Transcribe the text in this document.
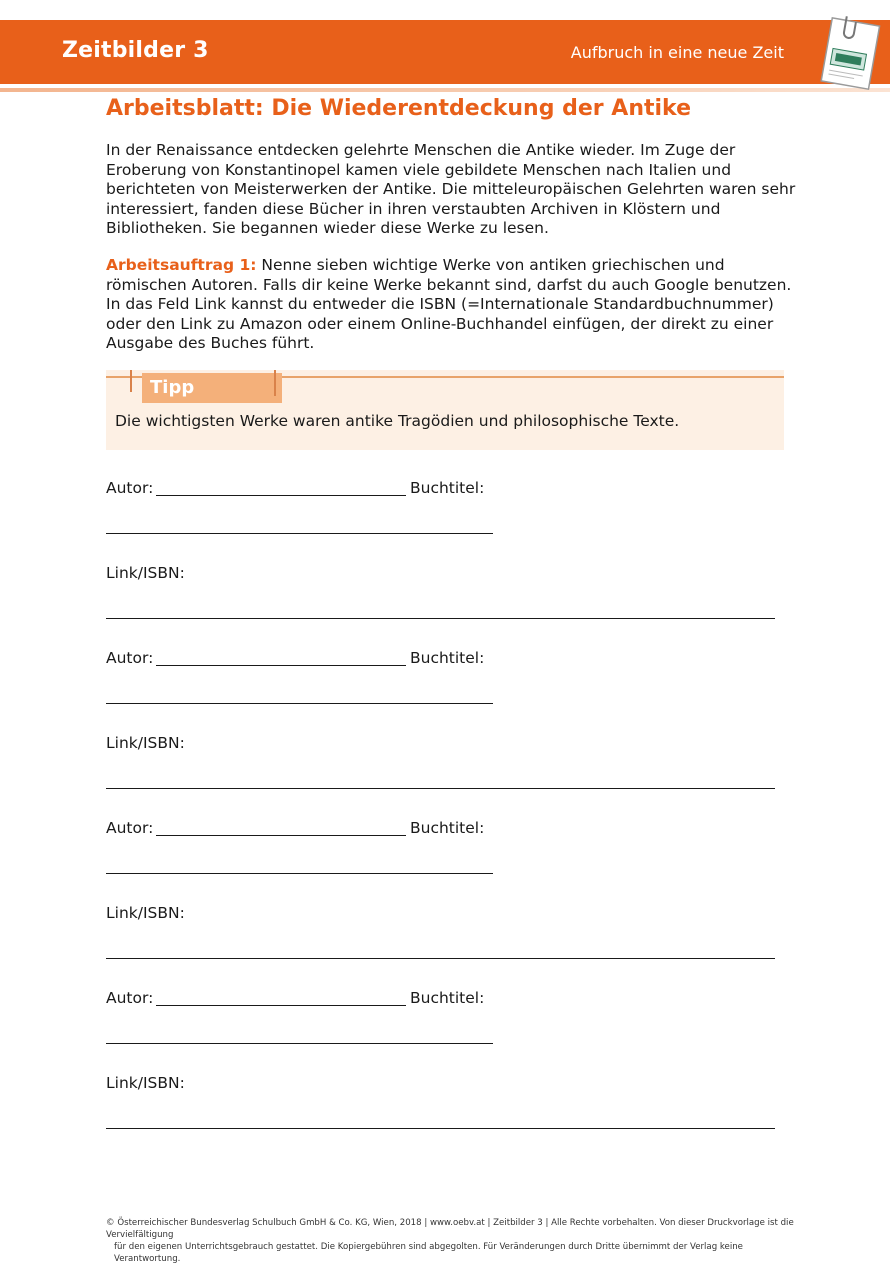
Zeitbilder 3	Aufbruch in eine neue Zeit
Arbeitsblatt: Die Wiederentdeckung der Antike

In der Renaissance entdecken gelehrte Menschen die Antike wieder. Im Zuge der Eroberung von Konstantinopel kamen viele gebildete Menschen nach Italien und berichteten von Meisterwerken der Antike. Die mitteleuropäischen Gelehrten waren sehr interessiert, fanden diese Bücher in ihren verstaubten Archiven in Klöstern und Bibliotheken. Sie begannen wieder diese Werke zu lesen.

Arbeitsauftrag 1: Nenne sieben wichtige Werke von antiken griechischen und römischen Autoren. Falls dir keine Werke bekannt sind, darfst du auch Google benutzen. In das Feld Link kannst du entweder die ISBN (=Internationale Standardbuchnummer) oder den Link zu Amazon oder einem Online-Buchhandel einfügen, der direkt zu einer Ausgabe des Buches führt.

Tipp

Die wichtigsten Werke waren antike Tragödien und philosophische Texte.

Autor:	Buchtitel:
Link/ISBN:
Autor:	Buchtitel:
Link/ISBN:
Autor:	Buchtitel:
Link/ISBN:
Autor:	Buchtitel:
Link/ISBN:
© Österreichischer Bundesverlag Schulbuch GmbH & Co. KG, Wien, 2018 | www.oebv.at | Zeitbilder 3 | Alle Rechte vorbehalten. Von dieser Druckvorlage ist die Vervielfältigung
für den eigenen Unterrichtsgebrauch gestattet. Die Kopiergebühren sind abgegolten. Für Veränderungen durch Dritte übernimmt der Verlag keine Verantwortung.
